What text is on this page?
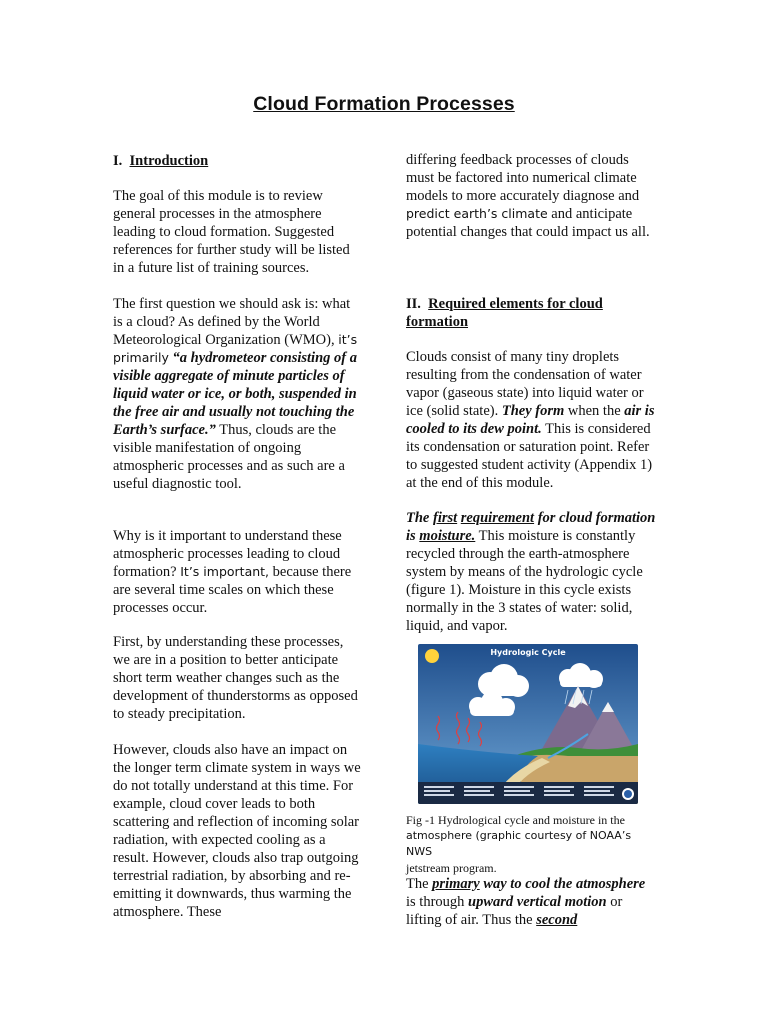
Cloud Formation Processes
I. Introduction

The goal of this module is to review general processes in the atmosphere leading to cloud formation. Suggested references for further study will be listed in a future list of training sources.

The first question we should ask is: what is a cloud? As defined by the World Meteorological Organization (WMO), it’s primarily “a hydrometeor consisting of a visible aggregate of minute particles of liquid water or ice, or both, suspended in the free air and usually not touching the Earth’s surface.” Thus, clouds are the visible manifestation of ongoing atmospheric processes and as such are a useful diagnostic tool.

Why is it important to understand these atmospheric processes leading to cloud formation? It’s important, because there are several time scales on which these processes occur.

First, by understanding these processes, we are in a position to better anticipate short term weather changes such as the development of thunderstorms as opposed to steady precipitation.

However, clouds also have an impact on the longer term climate system in ways we do not totally understand at this time. For example, cloud cover leads to both scattering and reflection of incoming solar radiation, with expected cooling as a result. However, clouds also trap outgoing terrestrial radiation, by absorbing and re-emitting it downwards, thus warming the atmosphere. These

differing feedback processes of clouds must be factored into numerical climate models to more accurately diagnose and predict earth’s climate and anticipate potential changes that could impact us all.

II. Required elements for cloud formation

Clouds consist of many tiny droplets resulting from the condensation of water vapor (gaseous state) into liquid water or ice (solid state). They form when the air is cooled to its dew point. This is considered its condensation or saturation point. Refer to suggested student activity (Appendix 1) at the end of this module.

The first requirement for cloud formation is moisture. This moisture is constantly recycled through the earth-atmosphere system by means of the hydrologic cycle (figure 1). Moisture in this cycle exists normally in the 3 states of water: solid, liquid, and vapor.

Hydrologic Cycle
Fig -1 Hydrological cycle and moisture in the
atmosphere (graphic courtesy of NOAA’s NWS
jetstream program.

The primary way to cool the atmosphere is through upward vertical motion or lifting of air. Thus the second
